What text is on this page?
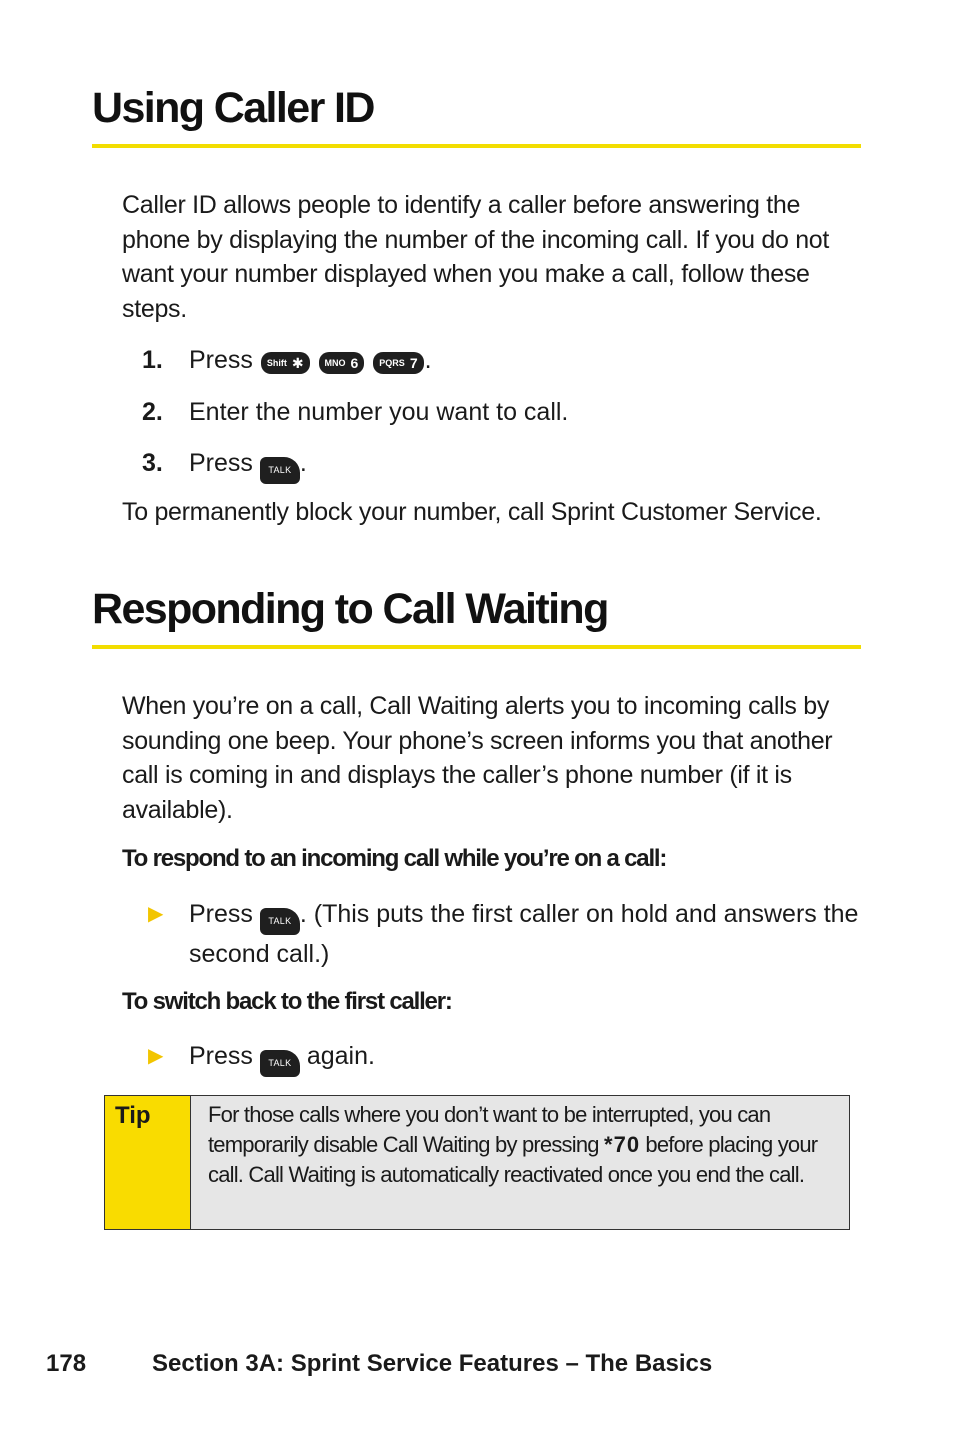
Using Caller ID

Caller ID allows people to identify a caller before answering the phone by displaying the number of the incoming call. If you do not want your number displayed when you make a call, follow these steps.

1. Press Shift ✱
MNO 6
PQRS 7 .
2. Enter the number you want to call.
3. Press TALK .

To permanently block your number, call Sprint Customer Service.

Responding to Call Waiting

When you’re on a call, Call Waiting alerts you to incoming calls by sounding one beep. Your phone’s screen informs you that another call is coming in and displays the caller’s phone number (if it is available).

To respond to an incoming call while you’re on a call:
▶ Press TALK . (This puts the first caller on hold and answers the second call.)
To switch back to the first caller:
▶ Press TALK again.
Tip	For those calls where you don’t want to be interrupted, you can temporarily disable Call Waiting by pressing *70 before placing your call. Call Waiting is automatically reactivated once you end the call.
178	Section 3A: Sprint Service Features – The Basics
